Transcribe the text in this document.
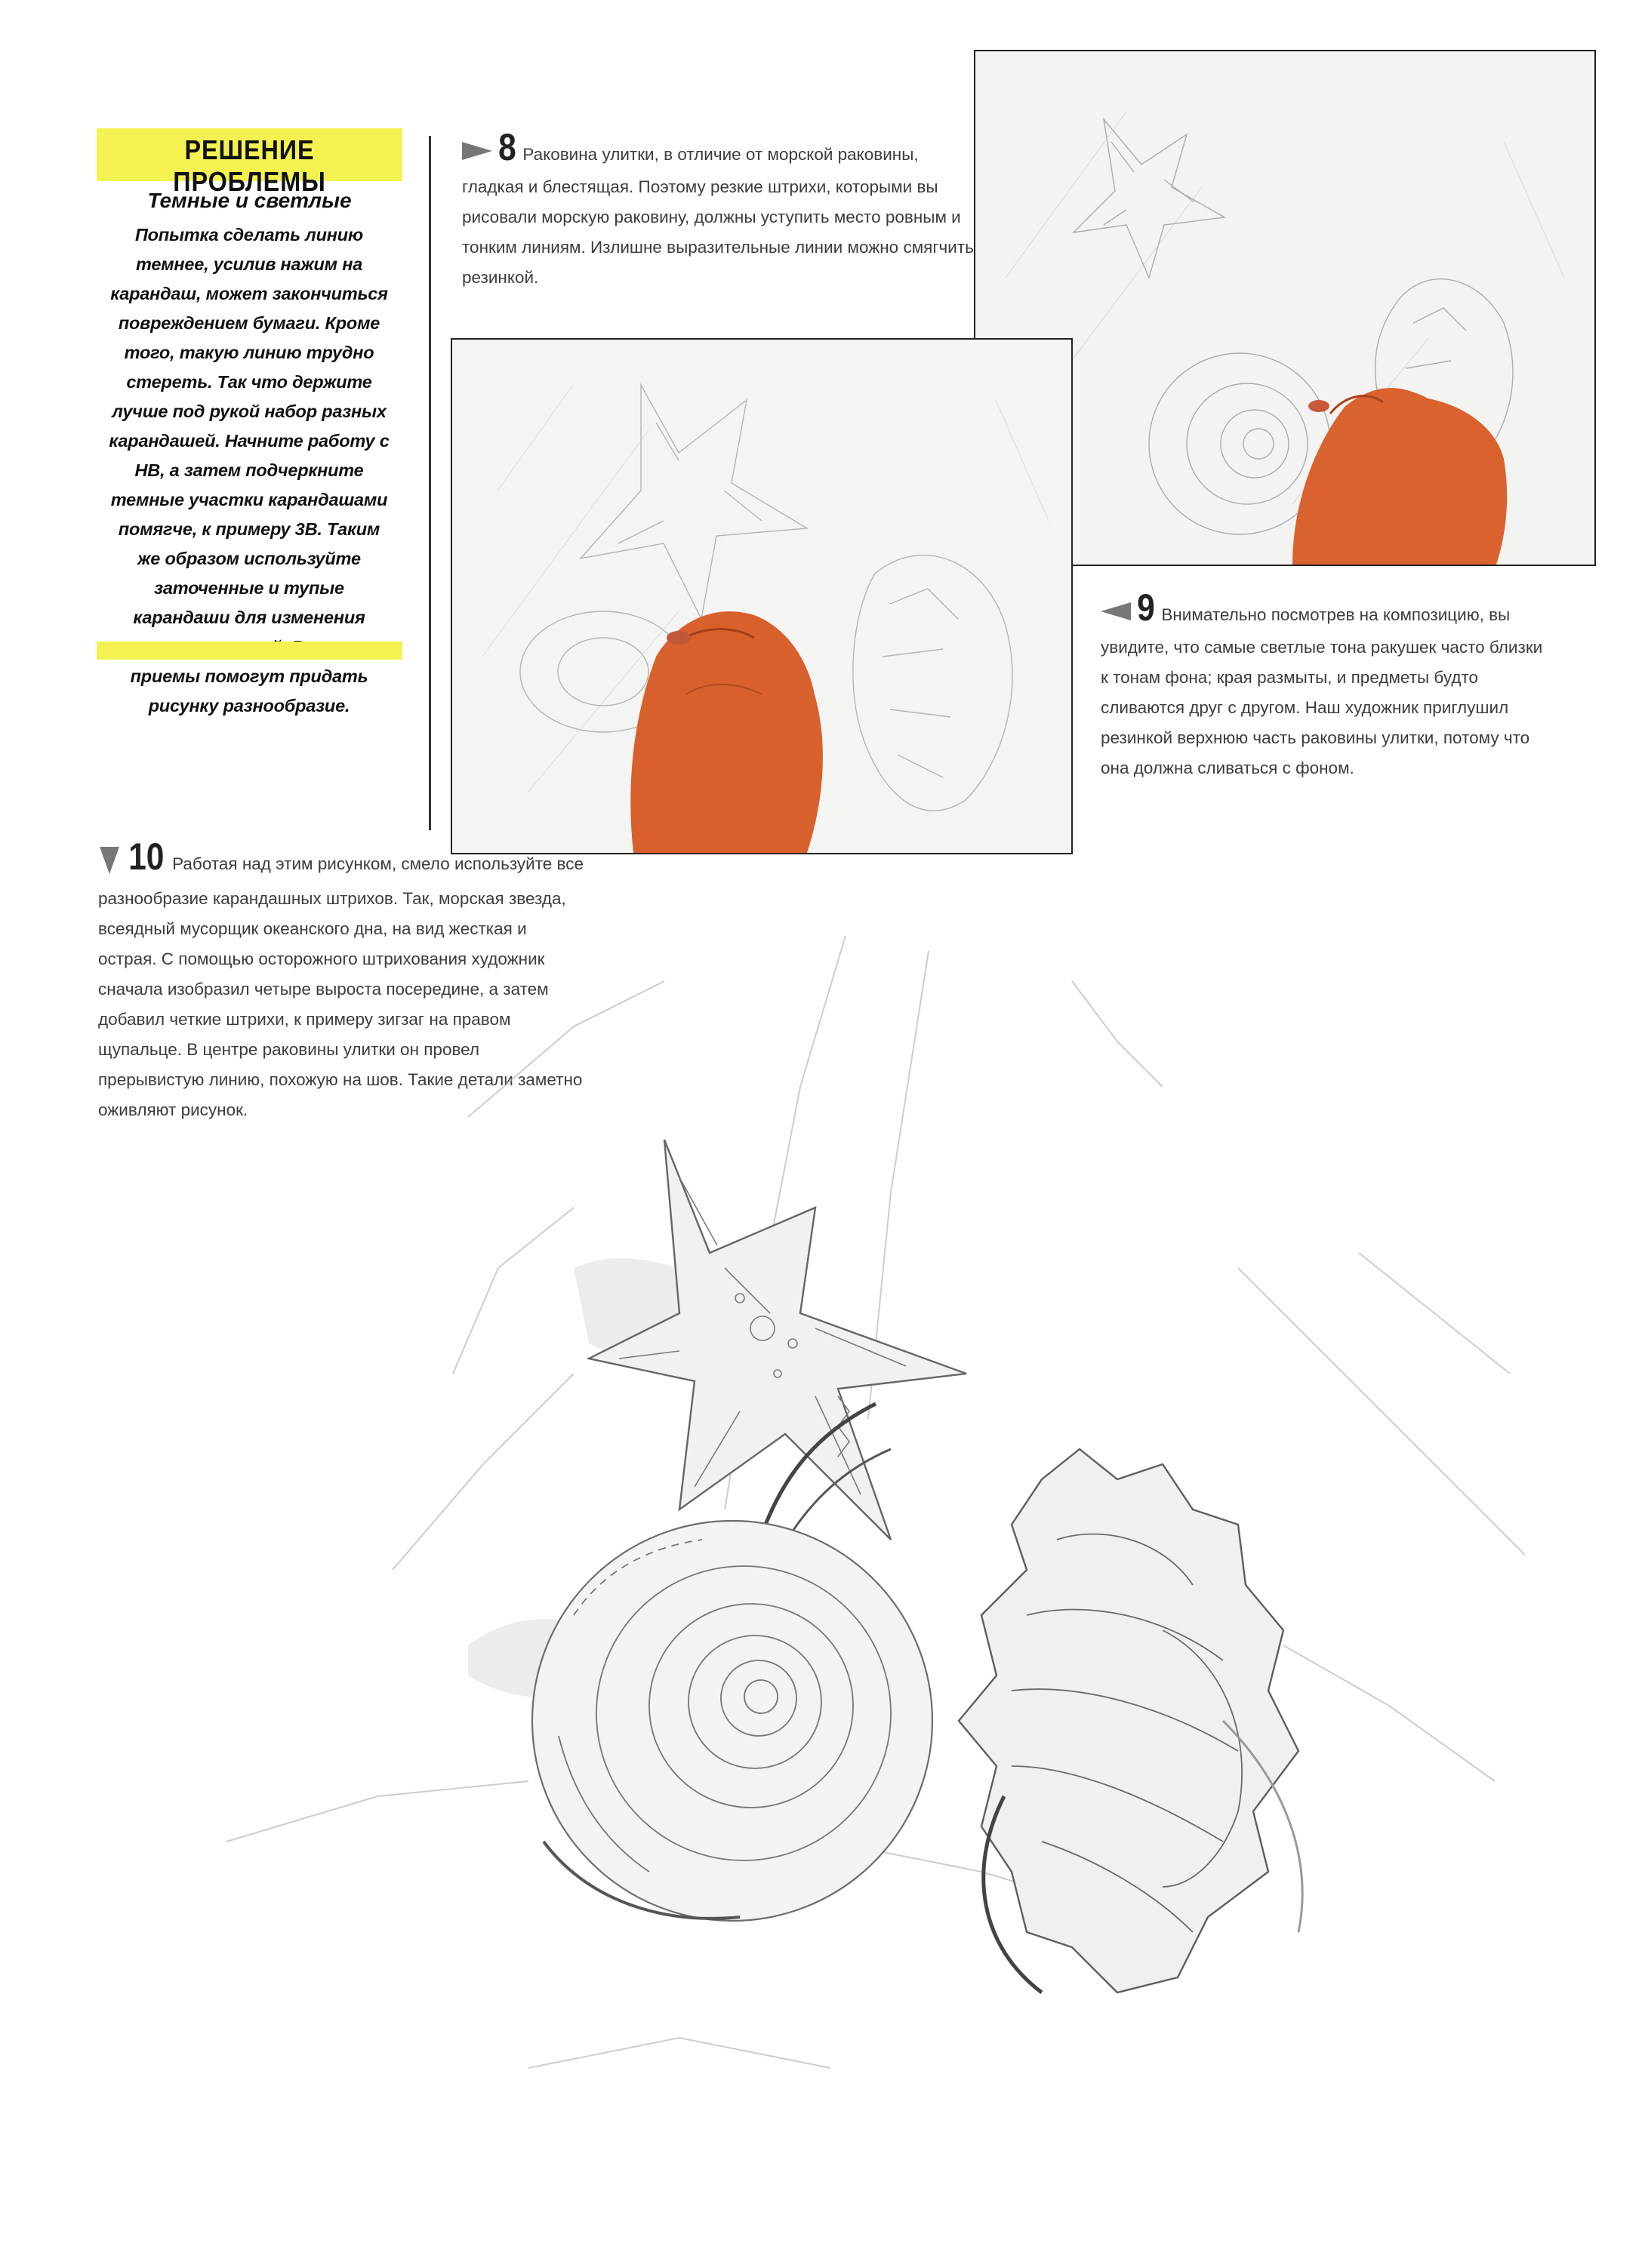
РЕШЕНИЕ ПРОБЛЕМЫ
Темные и светлые
Попытка сделать линию темнее, усилив нажим на карандаш, может закончиться повреждением бумаги. Кроме того, такую линию трудно стереть. Так что держите лучше под рукой набор разных карандашей. Начните работу с НВ, а затем подчеркните темные участки карандашами помягче, к примеру 3В. Таким же образом используйте заточенные и тупые карандаши для изменения приемы помогут придать рисунку разнообразие.
8 Раковина улитки, в отличие от морской раковины, гладкая и блестящая. Поэтому резкие штрихи, которыми вы рисовали морскую раковину, должны уступить место ровным и тонким линиям. Излишне выразительные линии можно смягчить резинкой.
9 Внимательно посмотрев на композицию, вы увидите, что самые светлые тона ракушек часто близки к тонам фона; края размыты, и предметы будто сливаются друг с другом. Наш художник приглушил резинкой верхнюю часть раковины улитки, потому что она должна сливаться с фоном.
10 Работая над этим рисунком, смело используйте все разнообразие карандашных штрихов. Так, морская звезда, всеядный мусорщик океанского дна, на вид жесткая и острая. С помощью осторожного штрихования художник сначала изобразил четыре выроста посередине, а затем добавил четкие штрихи, к примеру зигзаг на правом щупальце. В центре раковины улитки он провел прерывистую линию, похожую на шов. Такие детали заметно оживляют рисунок.
